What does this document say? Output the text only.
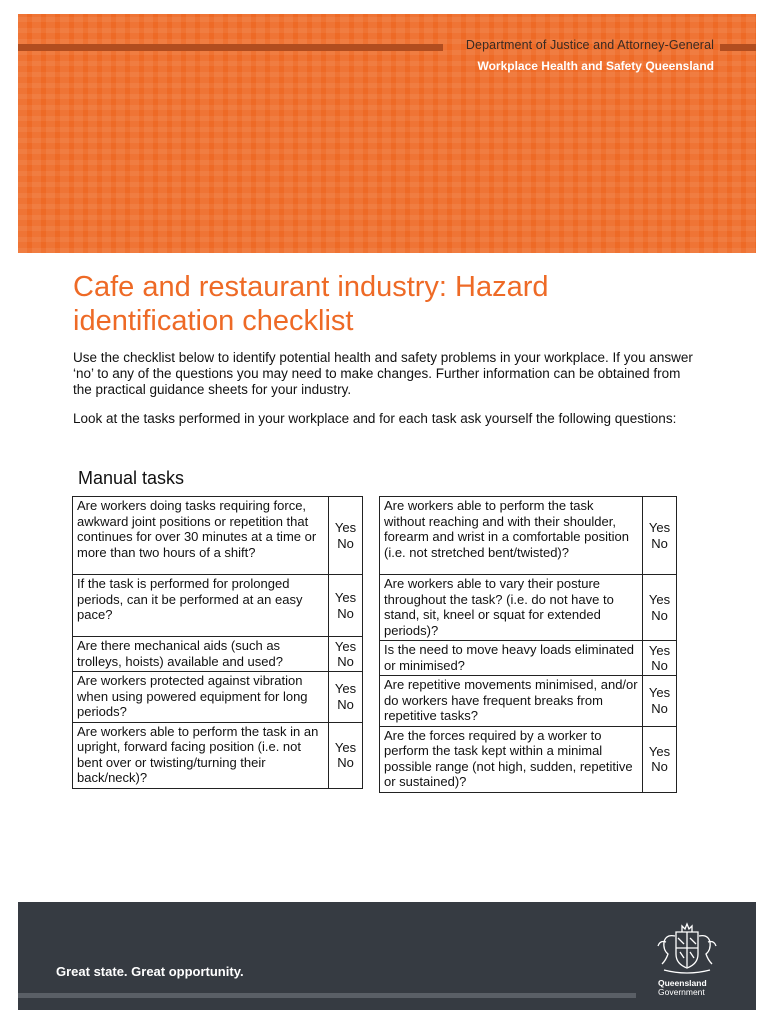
Department of Justice and Attorney-General
Workplace Health and Safety Queensland
Cafe and restaurant industry: Hazard identification checklist

Use the checklist below to identify potential health and safety problems in your workplace. If you answer ‘no’ to any of the questions you may need to make changes. Further information can be obtained from the practical guidance sheets for your industry.

Look at the tasks performed in your workplace and for each task ask yourself the following questions:

Manual tasks
Are workers doing tasks requiring force, awkward joint positions or repetition that continues for over 30 minutes at a time or more than two hours of a shift?	Yes
No
If the task is performed for prolonged periods, can it be performed at an easy pace?	Yes
No
Are there mechanical aids (such as trolleys, hoists) available and used?	Yes
No
Are workers protected against vibration when using powered equipment for long periods?	Yes
No
Are workers able to perform the task in an upright, forward facing position (i.e. not bent over or twisting/turning their back/neck)?	Yes
No
Are workers able to perform the task without reaching and with their shoulder, forearm and wrist in a comfortable position (i.e. not stretched bent/twisted)?	Yes
No
Are workers able to vary their posture throughout the task? (i.e. do not have to stand, sit, kneel or squat for extended periods)?	Yes
No
Is the need to move heavy loads eliminated or minimised?	Yes
No
Are repetitive movements minimised, and/or do workers have frequent breaks from repetitive tasks?	Yes
No
Are the forces required by a worker to perform the task kept within a minimal possible range (not high, sudden, repetitive or sustained)?	Yes
No
Great state. Great opportunity.
Queensland
Government
